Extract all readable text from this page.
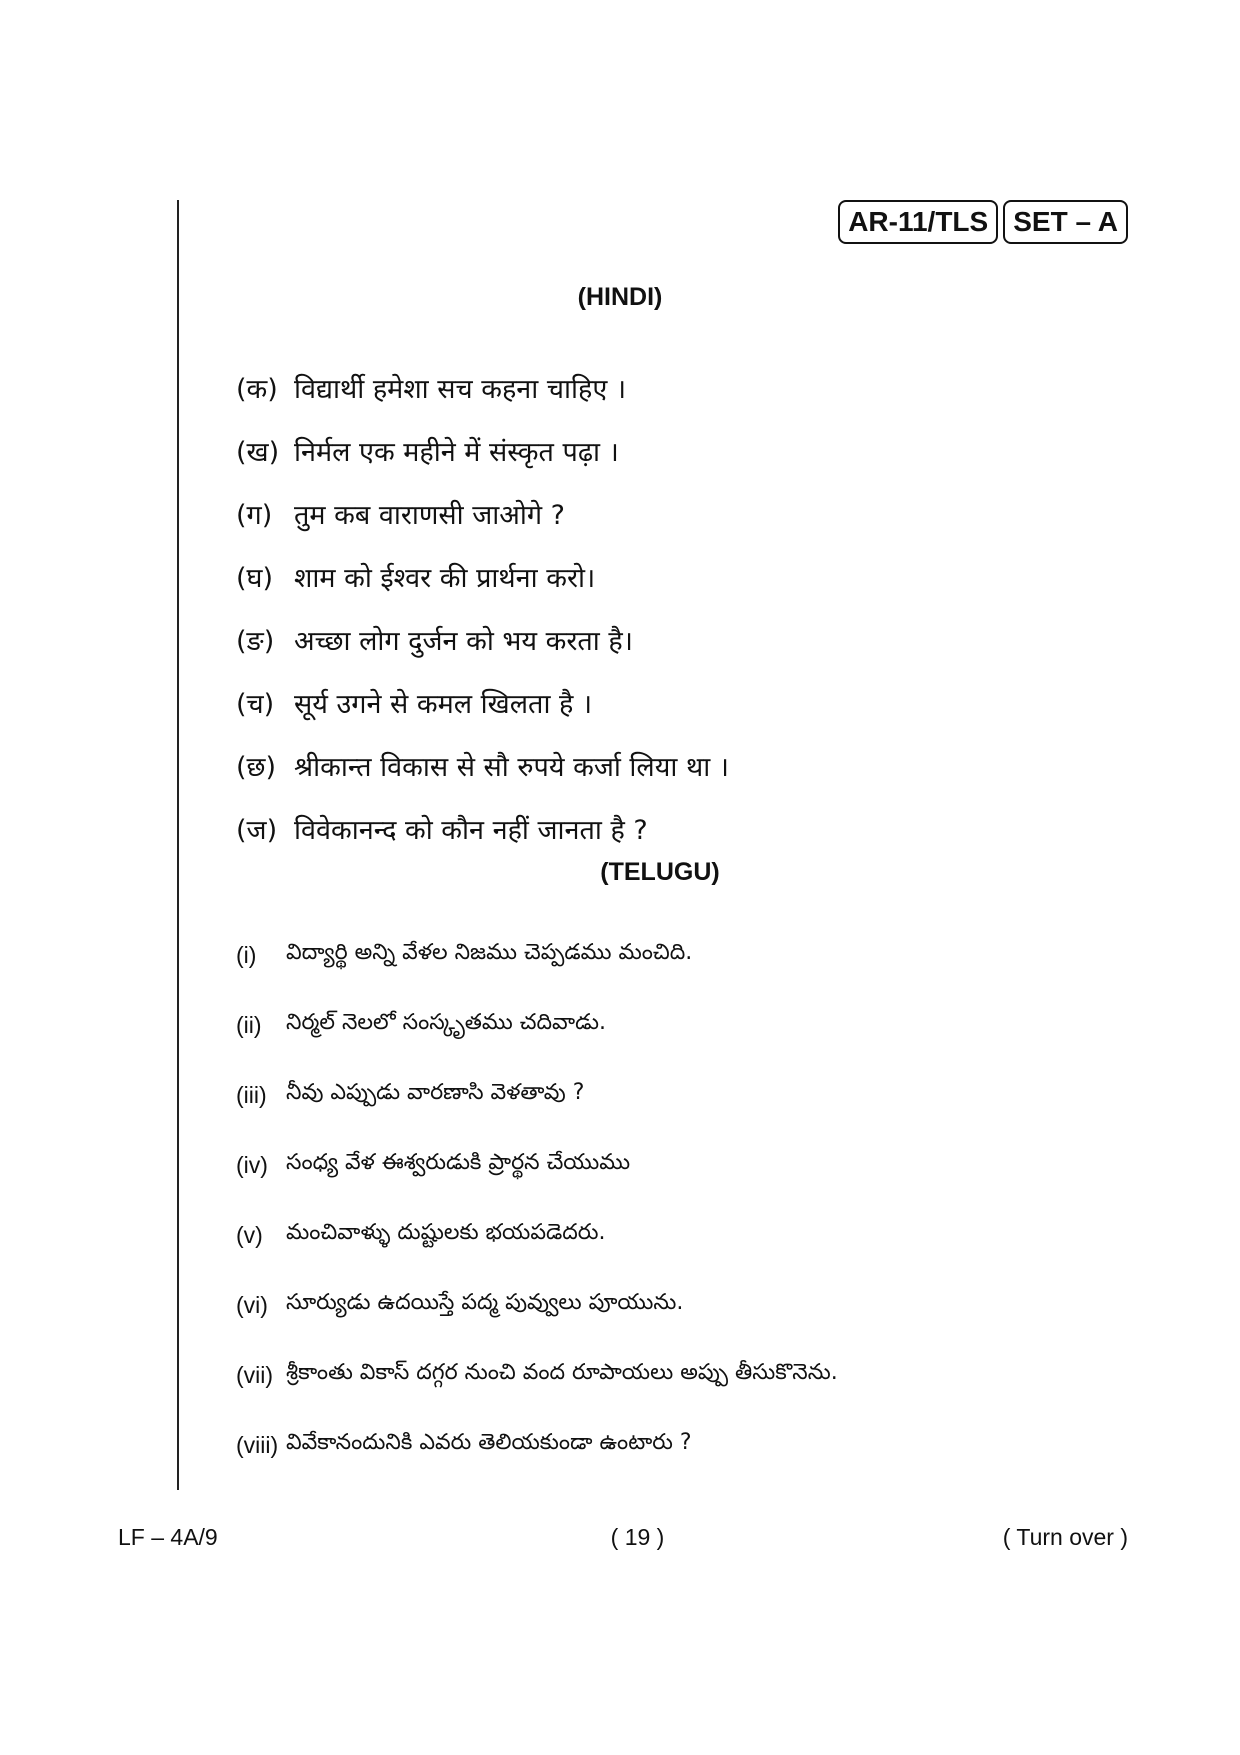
AR-11/TLS SET – A
(HINDI)
(क) विद्यार्थी हमेशा सच कहना चाहिए ।
(ख) निर्मल एक महीने में संस्कृत पढ़ा ।
(ग) तुम कब वाराणसी जाओगे ?
(घ) शाम को ईश्वर की प्रार्थना करो।
(ङ) अच्छा लोग दुर्जन को भय करता है।
(च) सूर्य उगने से कमल खिलता है ।
(छ) श्रीकान्त विकास से सौ रुपये कर्जा लिया था ।
(ज) विवेकानन्द को कौन नहीं जानता है ?
(TELUGU)
(i)	విద్యార్థి అన్ని వేళల నిజము చెప్పడము మంచిది.
(ii)	నిర్మల్ నెలలో సంస్కృతము చదివాడు.
(iii) నీవు ఎప్పుడు వారణాసి వెళతావు ?
(iv) సంధ్య వేళ ఈశ్వరుడుకి ప్రార్థన చేయుము
(v)	మంచివాళ్ళు దుష్టులకు భయపడెదరు.
(vi) సూర్యుడు ఉదయిస్తే పద్మ పువ్వులు పూయును.
(vii) శ్రీకాంతు వికాస్ దగ్గర నుంచి వంద రూపాయలు అప్పు తీసుకొనెను.
(viii) వివేకానందునికి ఎవరు తెలియకుండా ఉంటారు ?
LF – 4A/9	( 19 )	( Turn over )
